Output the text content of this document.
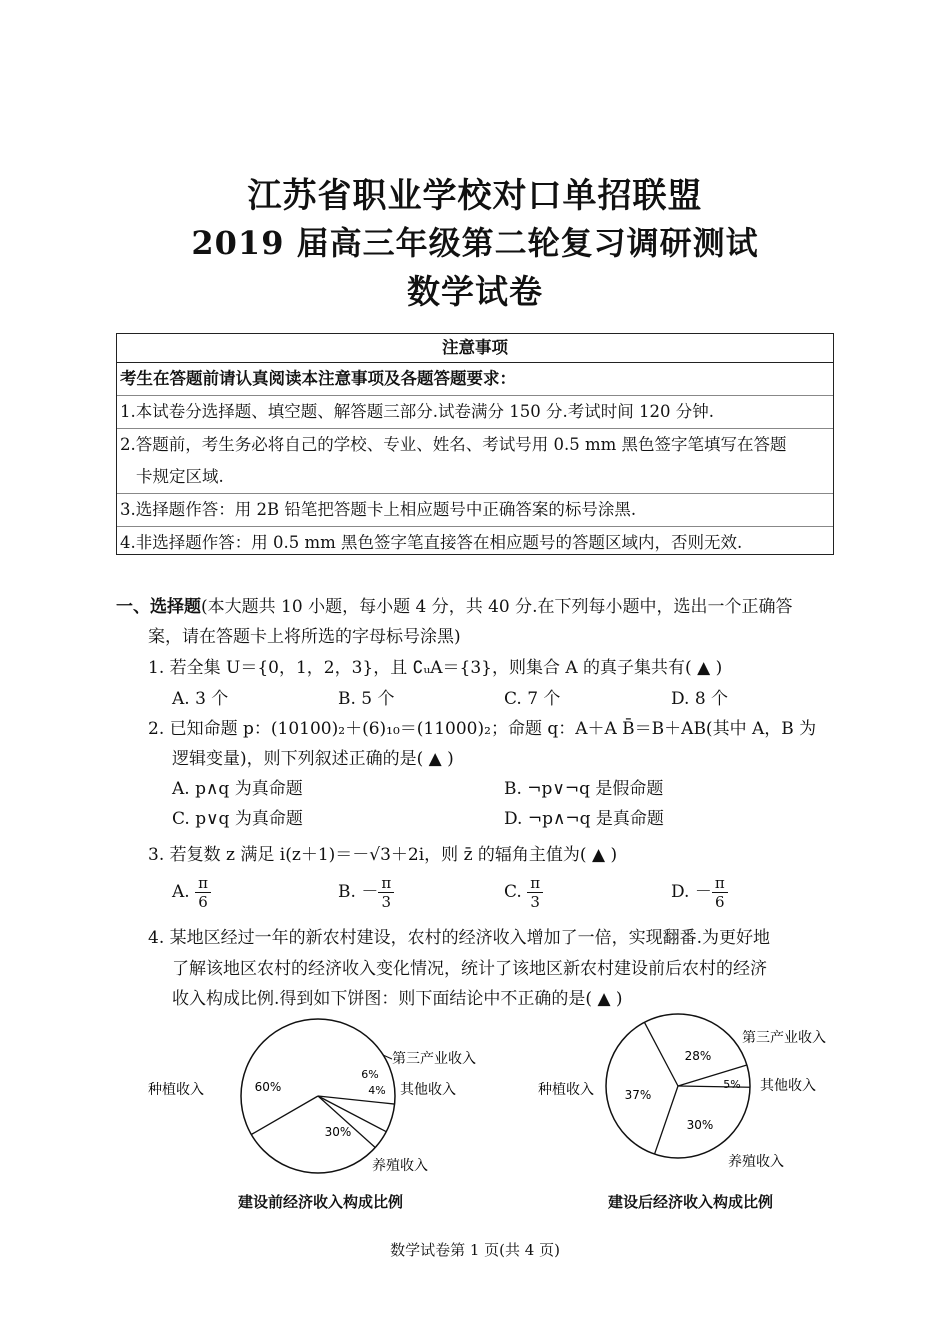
江苏省职业学校对口单招联盟
2019 届高三年级第二轮复习调研测试
数学试卷
注意事项
考生在答题前请认真阅读本注意事项及各题答题要求：
1.本试卷分选择题、填空题、解答题三部分.试卷满分 150 分.考试时间 120 分钟.
2.答题前，考生务必将自己的学校、专业、姓名、考试号用 0.5 mm 黑色签字笔填写在答题
卡规定区域.
3.选择题作答：用 2B 铅笔把答题卡上相应题号中正确答案的标号涂黑.
4.非选择题作答：用 0.5 mm 黑色签字笔直接答在相应题号的答题区域内，否则无效.
一、选择题(本大题共 10 小题，每小题 4 分，共 40 分.在下列每小题中，选出一个正确答
案，请在答题卡上将所选的字母标号涂黑)
1. 若全集 U＝{0，1，2，3}，且 ∁ᵤA＝{3}，则集合 A 的真子集共有( ▲ )
A. 3 个	B. 5 个	C. 7 个	D. 8 个
2. 已知命题 p：(10100)₂＋(6)₁₀＝(11000)₂；命题 q：A＋A B̄＝B＋AB(其中 A，B 为
逻辑变量)，则下列叙述正确的是( ▲ )
A. p∧q 为真命题	B. ¬p∨¬q 是假命题
C. p∨q 为真命题	D. ¬p∧¬q 是真命题
3. 若复数 z 满足 i(z＋1)＝－√3＋2i，则 z̄ 的辐角主值为( ▲ )
A. $\frac{\pi}{6}$	B. － $\frac{\pi}{3}$	C. $\frac{\pi}{3}$	D. － $\frac{\pi}{6}$
4. 某地区经过一年的新农村建设，农村的经济收入增加了一倍，实现翻番.为更好地
了解该地区农村的经济收入变化情况，统计了该地区新农村建设前后农村的经济
收入构成比例.得到如下饼图：则下面结论中不正确的是( ▲ )
60%
6%
4%
30%
种植收入
第三产业收入
其他收入
养殖收入
37%
28%
5%
30%
种植收入
第三产业收入
其他收入
养殖收入
建设前经济收入构成比例	建设后经济收入构成比例
数学试卷第 1 页(共 4 页)
